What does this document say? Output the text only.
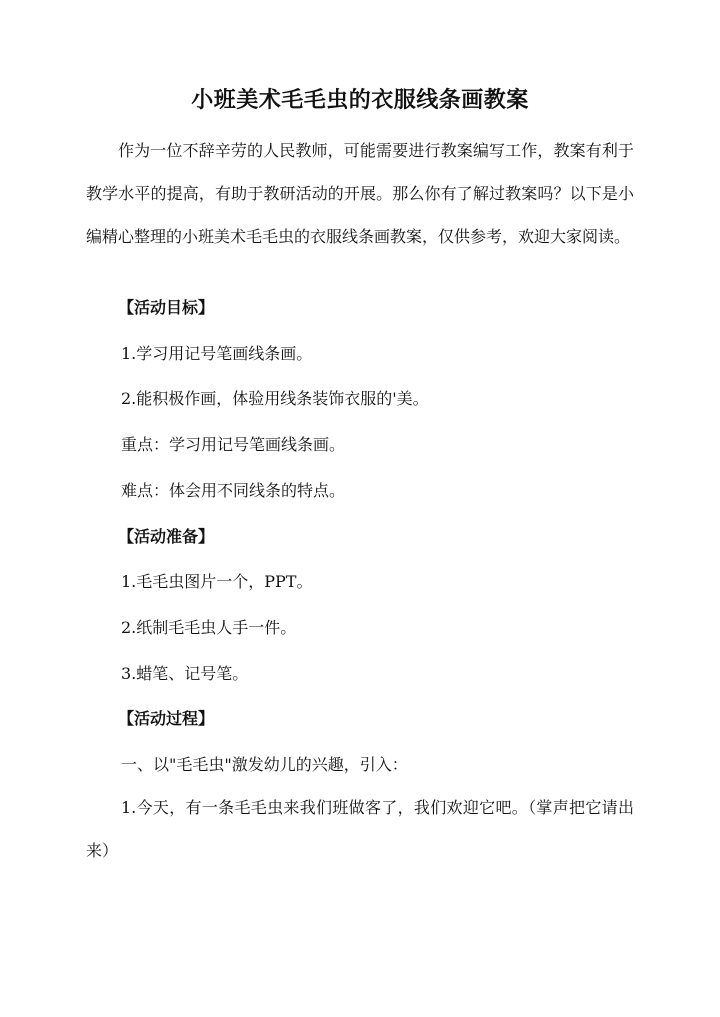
小班美术毛毛虫的衣服线条画教案

作为一位不辞辛劳的人民教师，可能需要进行教案编写工作，教案有利于教学水平的提高，有助于教研活动的开展。那么你有了解过教案吗？以下是小编精心整理的小班美术毛毛虫的衣服线条画教案，仅供参考，欢迎大家阅读。

【活动目标】
1.学习用记号笔画线条画。
2.能积极作画，体验用线条装饰衣服的'美。
重点：学习用记号笔画线条画。
难点：体会用不同线条的特点。
【活动准备】
1.毛毛虫图片一个，PPT。
2.纸制毛毛虫人手一件。
3.蜡笔、记号笔。
【活动过程】
一、以"毛毛虫"激发幼儿的兴趣，引入：

1.今天，有一条毛毛虫来我们班做客了，我们欢迎它吧。（掌声把它请出来）
